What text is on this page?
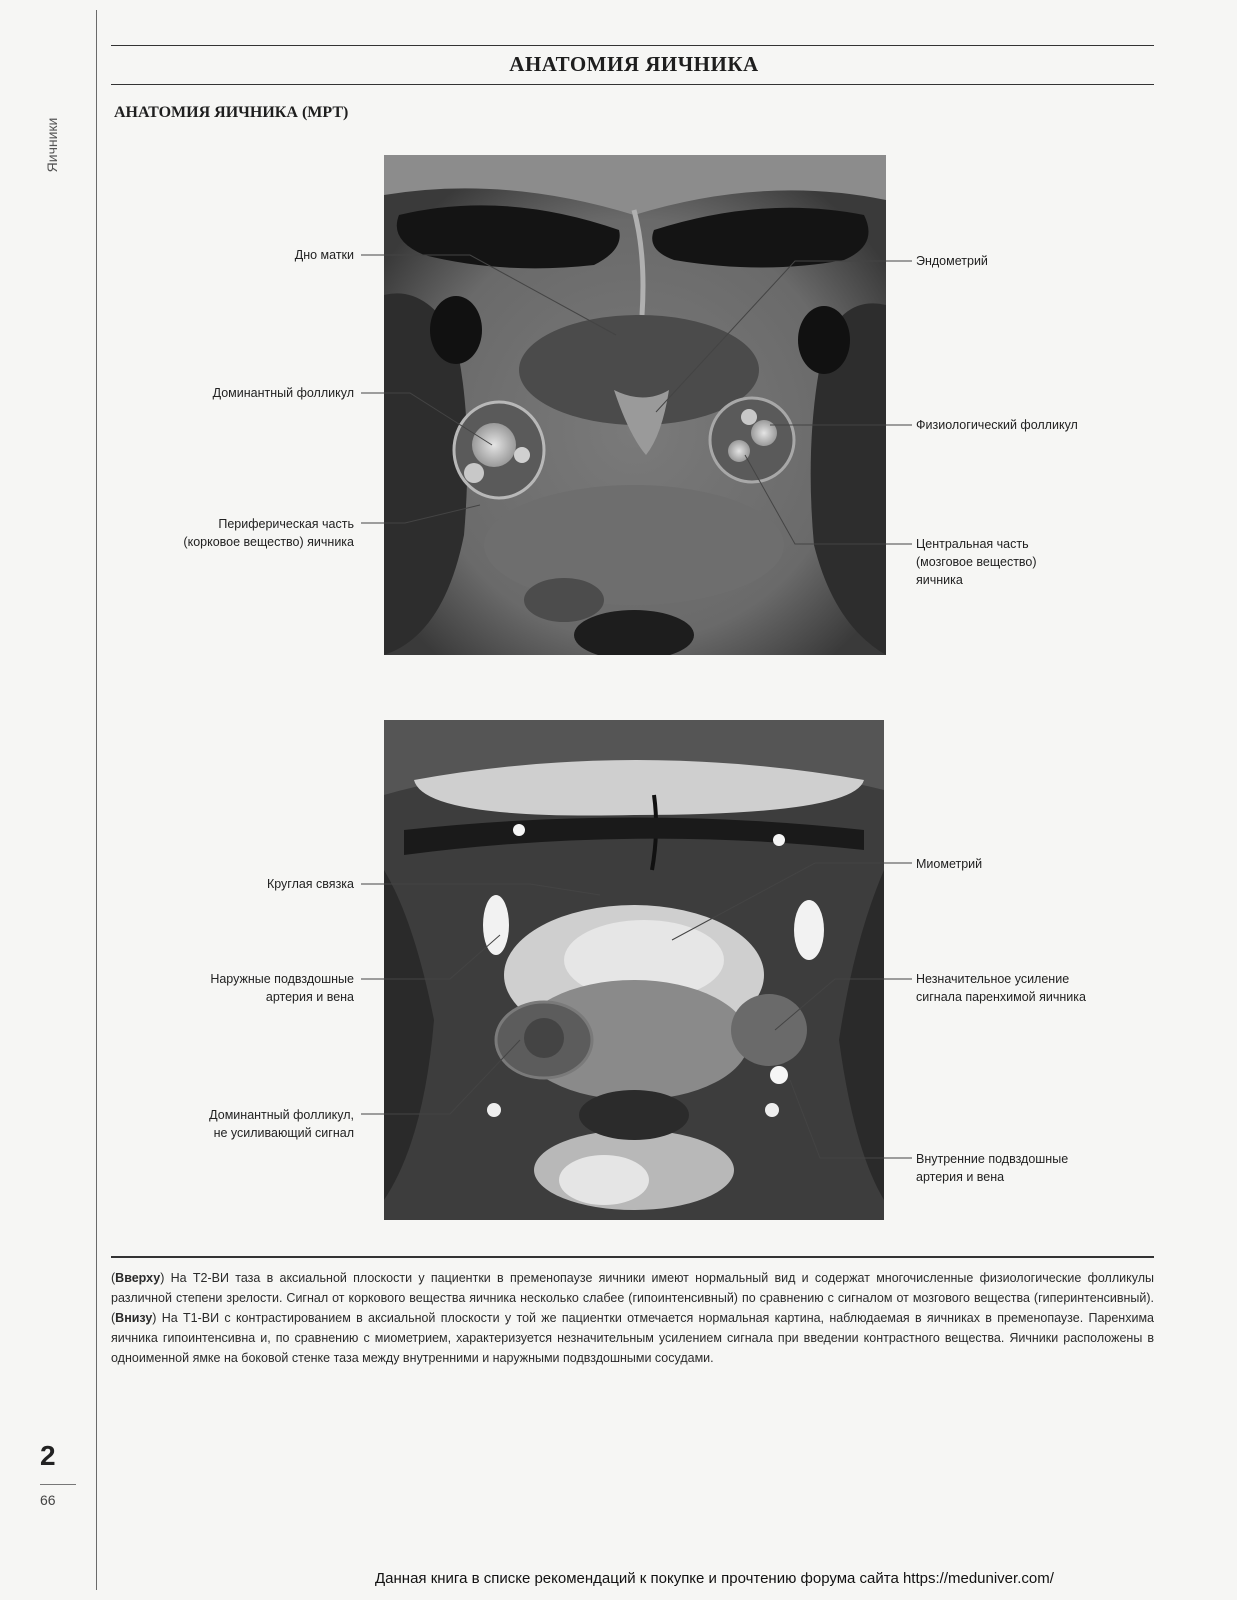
Яичники
АНАТОМИЯ ЯИЧНИКА
АНАТОМИЯ ЯИЧНИКА (МРТ)
Дно матки
Доминантный фолликул
Периферическая часть
(корковое вещество) яичника
Эндометрий
Физиологический фолликул
Центральная часть
(мозговое вещество)
яичника
Круглая связка
Наружные подвздошные
артерия и вена
Доминантный фолликул,
не усиливающий сигнал
Миометрий
Незначительное усиление
сигнала паренхимой яичника
Внутренние подвздошные
артерия и вена
(Вверху) На Т2-ВИ таза в аксиальной плоскости у пациентки в пременопаузе яичники имеют нормальный вид и содержат многочисленные физиологические фолликулы различной степени зрелости. Сигнал от коркового вещества яичника несколько слабее (гипоинтенсивный) по сравнению с сигналом от мозгового вещества (гиперинтенсивный). (Внизу) На Т1-ВИ с контрастированием в аксиальной плоскости у той же пациентки отмечается нормальная картина, наблюдаемая в яичниках в пременопаузе. Паренхима яичника гипоинтенсивна и, по сравнению с миометрием, характеризуется незначительным усилением сигнала при введении контрастного вещества. Яичники расположены в одноименной ямке на боковой стенке таза между внутренними и наружными подвздошными сосудами.
2
66
Данная книга в списке рекомендаций к покупке и прочтению форума сайта https://meduniver.com/
